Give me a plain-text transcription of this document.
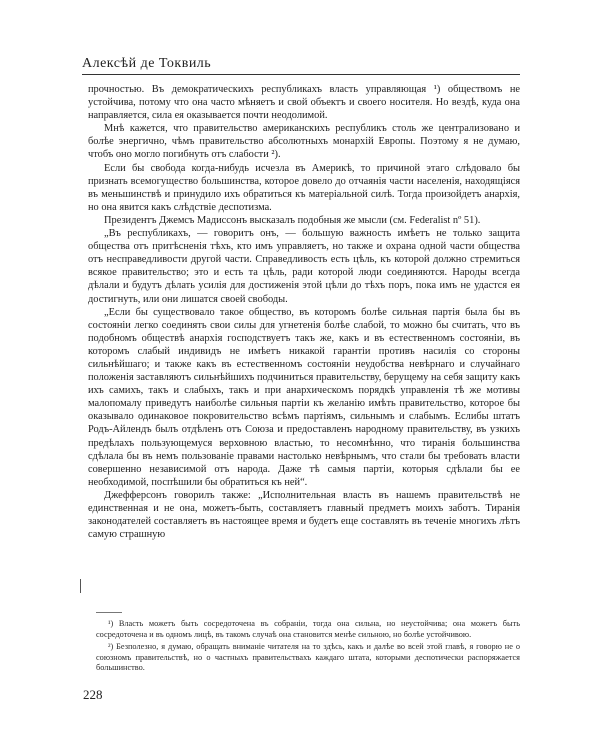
Алексѣй де Токвиль

прочностью. Въ демократическихъ республикахъ власть управляющая ¹) обществомъ не устойчива, потому что она часто мѣняетъ и свой объектъ и своего носителя. Но вездѣ, куда она направляется, сила ея оказывается почти неодолимой.

Мнѣ кажется, что правительство американскихъ республикъ столь же централизовано и болѣе энергично, чѣмъ правительство абсолютныхъ монархій Европы. Поэтому я не думаю, чтобъ оно могло погибнуть отъ слабости ²).

Если бы свобода когда-нибудь исчезла въ Америкѣ, то причиной этаго слѣдовало бы признать всемогущество большинства, которое довело до отчаянія части населенія, находящіяся въ меньшинствѣ и принудило ихъ обратиться къ матеріальной силѣ. Тогда произойдетъ анархія, но она явится какъ слѣдствіе деспотизма.

Президентъ Джемсъ Мадиссонъ высказалъ подобныя же мысли (см. Federalist nº 51).

„Въ республикахъ, — говоритъ онъ, — большую важность имѣетъ не только защита общества отъ притѣсненія тѣхъ, кто имъ управляетъ, но также и охрана одной части общества отъ несправедливости другой части. Справедливость есть цѣль, къ которой должно стремиться всякое правительство; это и есть та цѣль, ради которой люди соединяются. Народы всегда дѣлали и будутъ дѣлать усилія для достиженія этой цѣли до тѣхъ поръ, пока имъ не удастся ея достигнуть, или они лишатся своей свободы.

„Если бы существовало такое общество, въ которомъ болѣе сильная партія была бы въ состояніи легко соединять свои силы для угнетенія болѣе слабой, то можно бы считать, что въ подобномъ обществѣ анархія господствуетъ такъ же, какъ и въ естественномъ состояніи, въ которомъ слабый индивидъ не имѣетъ никакой гарантіи противъ насилія со стороны сильнѣйшаго; и также какъ въ естественномъ состояніи неудобства невѣрнаго и случайнаго положенія заставляютъ сильнѣйшихъ подчиниться правительству, берущему на себя защиту какъ ихъ самихъ, такъ и слабыхъ, такъ и при анархическомъ порядкѣ управленія тѣ же мотивы малопомалу приведутъ наиболѣе сильныя партіи къ желанію имѣть правительство, которое бы оказывало одинаковое покровительство всѣмъ партіямъ, сильнымъ и слабымъ. Еслибы штатъ Родъ-Айлендъ былъ отдѣленъ отъ Союза и предоставленъ народному правительству, въ узкихъ предѣлахъ пользующемуся верховною властью, то несомнѣнно, что тиранія большинства сдѣлала бы въ немъ пользованіе правами настолько невѣрнымъ, что стали бы требовать власти совершенно независимой отъ народа. Даже тѣ самыя партіи, которыя сдѣлали бы ее необходимой, поспѣшили бы обратиться къ ней“.

Джефферсонъ говорилъ также: „Исполнительная власть въ нашемъ правительствѣ не единственная и не она, можетъ-быть, составляетъ главный предметъ моихъ заботъ. Тиранія законодателей составляетъ въ настоящее время и будетъ еще составлять въ теченіе многихъ лѣтъ самую страшную

¹) Власть можетъ быть сосредоточена въ собраніи, тогда она сильна, но неустойчива; она можетъ быть сосредоточена и въ одномъ лицѣ, въ такомъ случаѣ она становится менѣе сильною, но болѣе устойчивою.

²) Безполезно, я думаю, обращать вниманіе читателя на то здѣсь, какъ и далѣе во всей этой главѣ, я говорю не о союзномъ правительствѣ, но о частныхъ правительствахъ каждаго штата, которыми деспотически распоряжается большинство.

228
